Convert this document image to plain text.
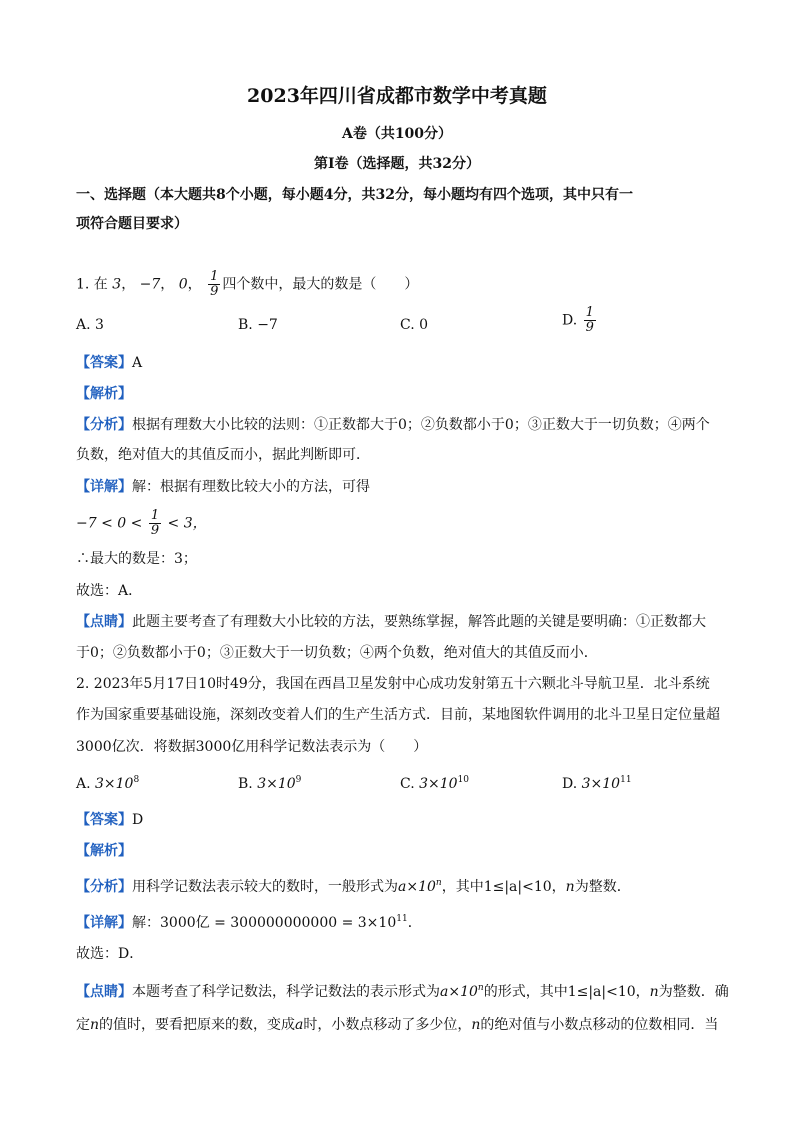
2023年四川省成都市数学中考真题
A卷（共100分）
第I卷（选择题，共32分）
一、选择题（本大题共8个小题，每小题4分，共32分，每小题均有四个选项，其中只有一
项符合题目要求）
1. 在 3， −7， 0， $\frac{1}{9}$ 四个数中，最大的数是（　　）
A. 3	B. −7	C. 0	D. $\frac{1}{9}$
【答案】A
【解析】
【分析】根据有理数大小比较的法则：①正数都大于0；②负数都小于0；③正数大于一切负数；④两个
负数，绝对值大的其值反而小，据此判断即可．
【详解】解：根据有理数比较大小的方法，可得
$-7 < 0 < \frac{1}{9} < 3$，
∴最大的数是：3；
故选：A．
【点睛】此题主要考查了有理数大小比较的方法，要熟练掌握，解答此题的关键是要明确：①正数都大
于0；②负数都小于0；③正数大于一切负数；④两个负数，绝对值大的其值反而小．
2. 2023年5月17日10时49分，我国在西昌卫星发射中心成功发射第五十六颗北斗导航卫星．北斗系统
作为国家重要基础设施，深刻改变着人们的生产生活方式．目前，某地图软件调用的北斗卫星日定位量超
3000亿次．将数据3000亿用科学记数法表示为（　　）
A. $3\times 10^8$	B. $3\times 10^9$	C. $3\times 10^{10}$	D. $3\times 10^{11}$
【答案】D
【解析】
【分析】用科学记数法表示较大的数时，一般形式为$a\times 10^n$，其中1≤|a|<10，n为整数．
【详解】解：3000亿 = $300000000000 = 3\times 10^{11}$．
故选：D．
【点睛】本题考查了科学记数法，科学记数法的表示形式为$a\times 10^n$的形式，其中1≤|a|<10，n为整数．确
定n的值时，要看把原来的数，变成a时，小数点移动了多少位，n的绝对值与小数点移动的位数相同．当
